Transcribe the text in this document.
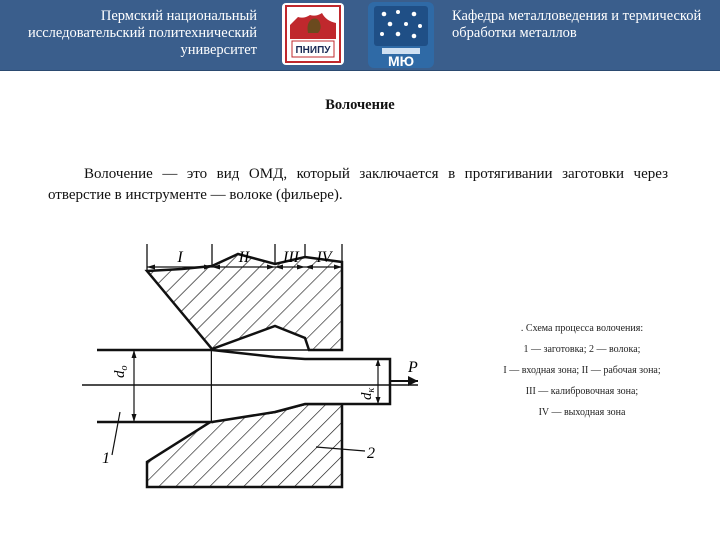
Пермский национальный исследовательский политехнический университет	ПНИПУ
МЮ
Кафедра металловедения и термической обработки металлов
Волочение
Волочение — это вид ОМД, который заключается в протягивании заготовки через отверстие в инструменте — волоке (фильере).
P
I	II III IV
$d_о$
$d_к$
1	2
. Схема процесса волочения:
1 — заготовка; 2 — волока;
I — входная зона; II — рабочая зона;
III — калибровочная зона;
IV — выходная зона
